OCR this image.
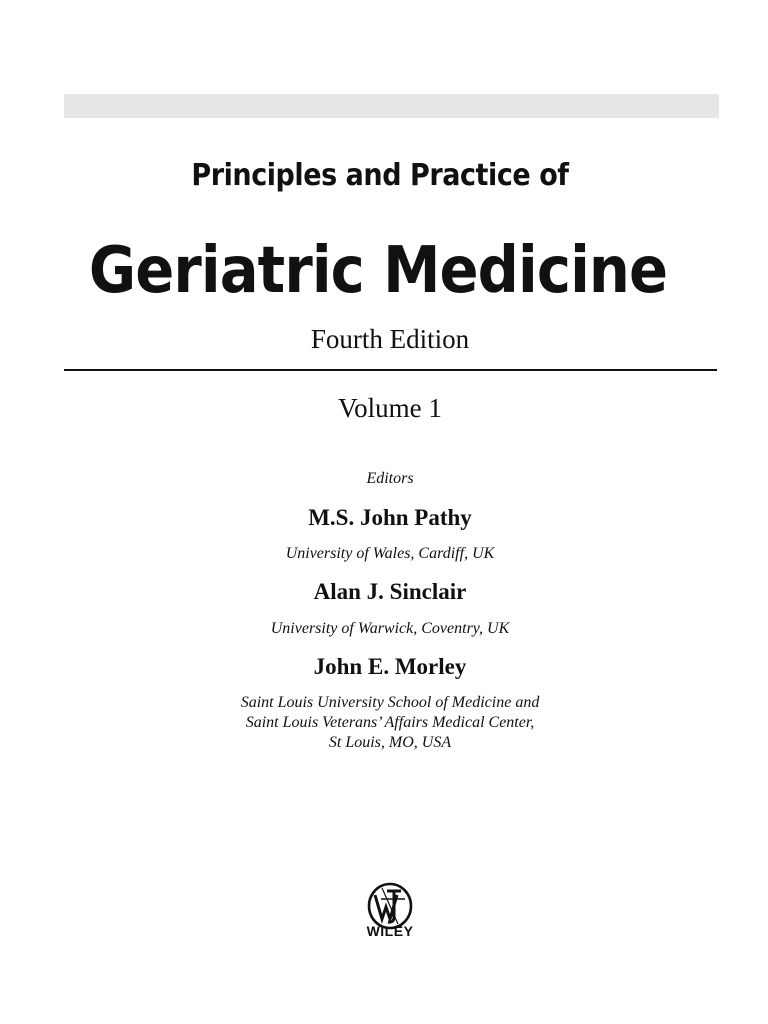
Principles and Practice of
Geriatric Medicine
Fourth Edition
Volume 1
Editors
M.S. John Pathy
University of Wales, Cardiff, UK
Alan J. Sinclair
University of Warwick, Coventry, UK
John E. Morley
Saint Louis University School of Medicine and
Saint Louis Veterans’ Affairs Medical Center,
St Louis, MO, USA
WILEY
